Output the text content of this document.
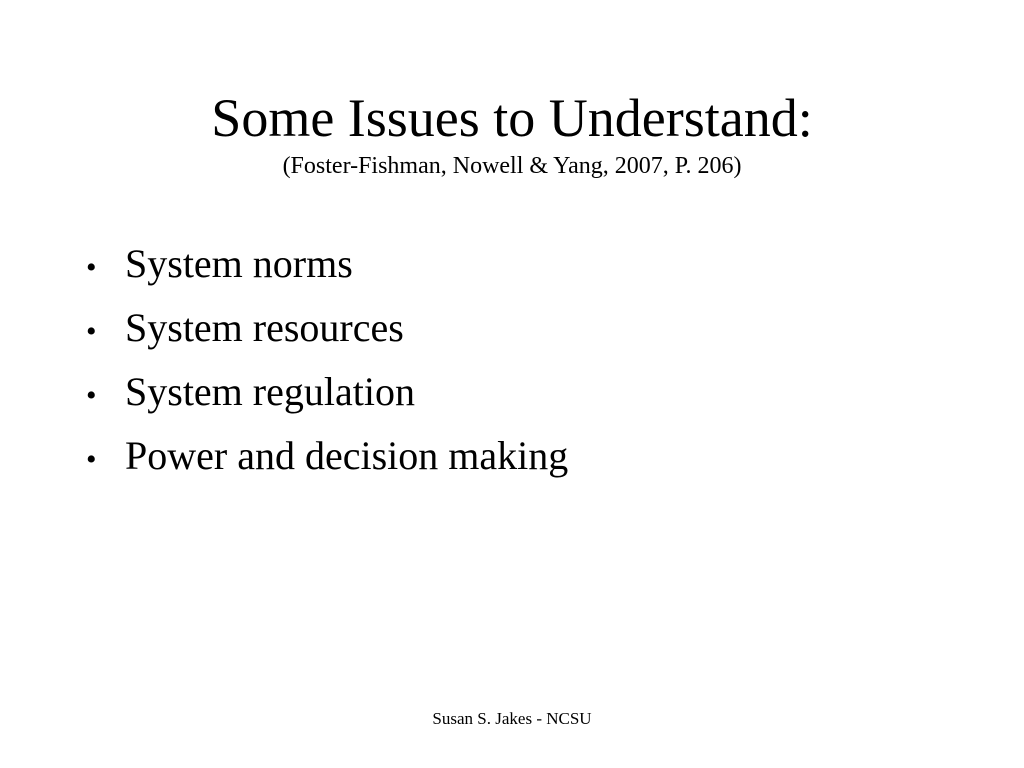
Some Issues to Understand:
(Foster-Fishman, Nowell & Yang, 2007, P. 206)
• System norms
• System resources
• System regulation
• Power and decision making
Susan S. Jakes - NCSU
